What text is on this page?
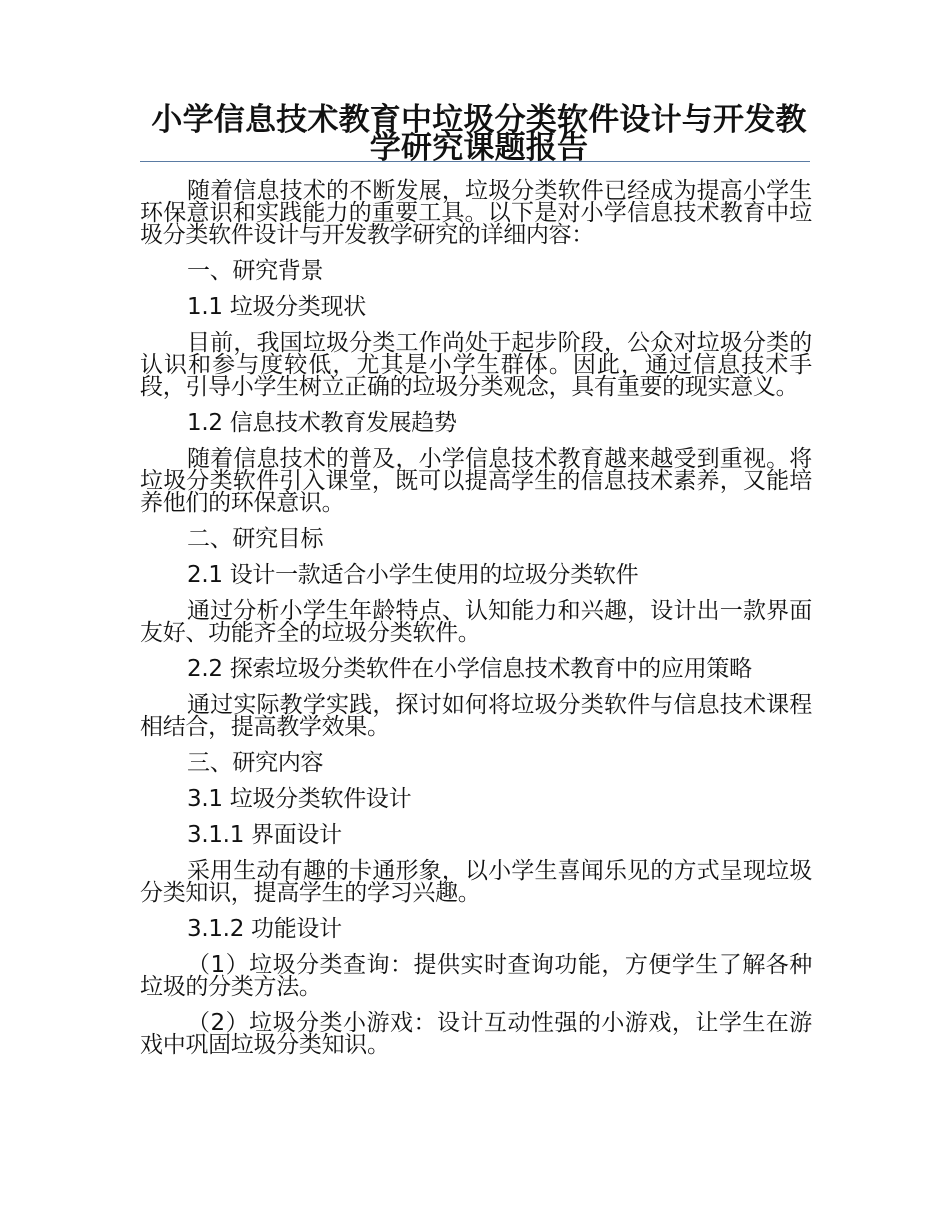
小学信息技术教育中垃圾分类软件设计与开发教学研究课题报告

随着信息技术的不断发展，垃圾分类软件已经成为提高小学生环保意识和实践能力的重要工具。以下是对小学信息技术教育中垃圾分类软件设计与开发教学研究的详细内容：

一、研究背景

1.1 垃圾分类现状

目前，我国垃圾分类工作尚处于起步阶段，公众对垃圾分类的认识和参与度较低，尤其是小学生群体。因此，通过信息技术手段，引导小学生树立正确的垃圾分类观念，具有重要的现实意义。

1.2 信息技术教育发展趋势

随着信息技术的普及，小学信息技术教育越来越受到重视。将垃圾分类软件引入课堂，既可以提高学生的信息技术素养，又能培养他们的环保意识。

二、研究目标

2.1 设计一款适合小学生使用的垃圾分类软件

通过分析小学生年龄特点、认知能力和兴趣，设计出一款界面友好、功能齐全的垃圾分类软件。

2.2 探索垃圾分类软件在小学信息技术教育中的应用策略

通过实际教学实践，探讨如何将垃圾分类软件与信息技术课程相结合，提高教学效果。

三、研究内容

3.1 垃圾分类软件设计

3.1.1 界面设计

采用生动有趣的卡通形象，以小学生喜闻乐见的方式呈现垃圾分类知识，提高学生的学习兴趣。

3.1.2 功能设计

（1）垃圾分类查询：提供实时查询功能，方便学生了解各种垃圾的分类方法。

（2）垃圾分类小游戏：设计互动性强的小游戏，让学生在游戏中巩固垃圾分类知识。
